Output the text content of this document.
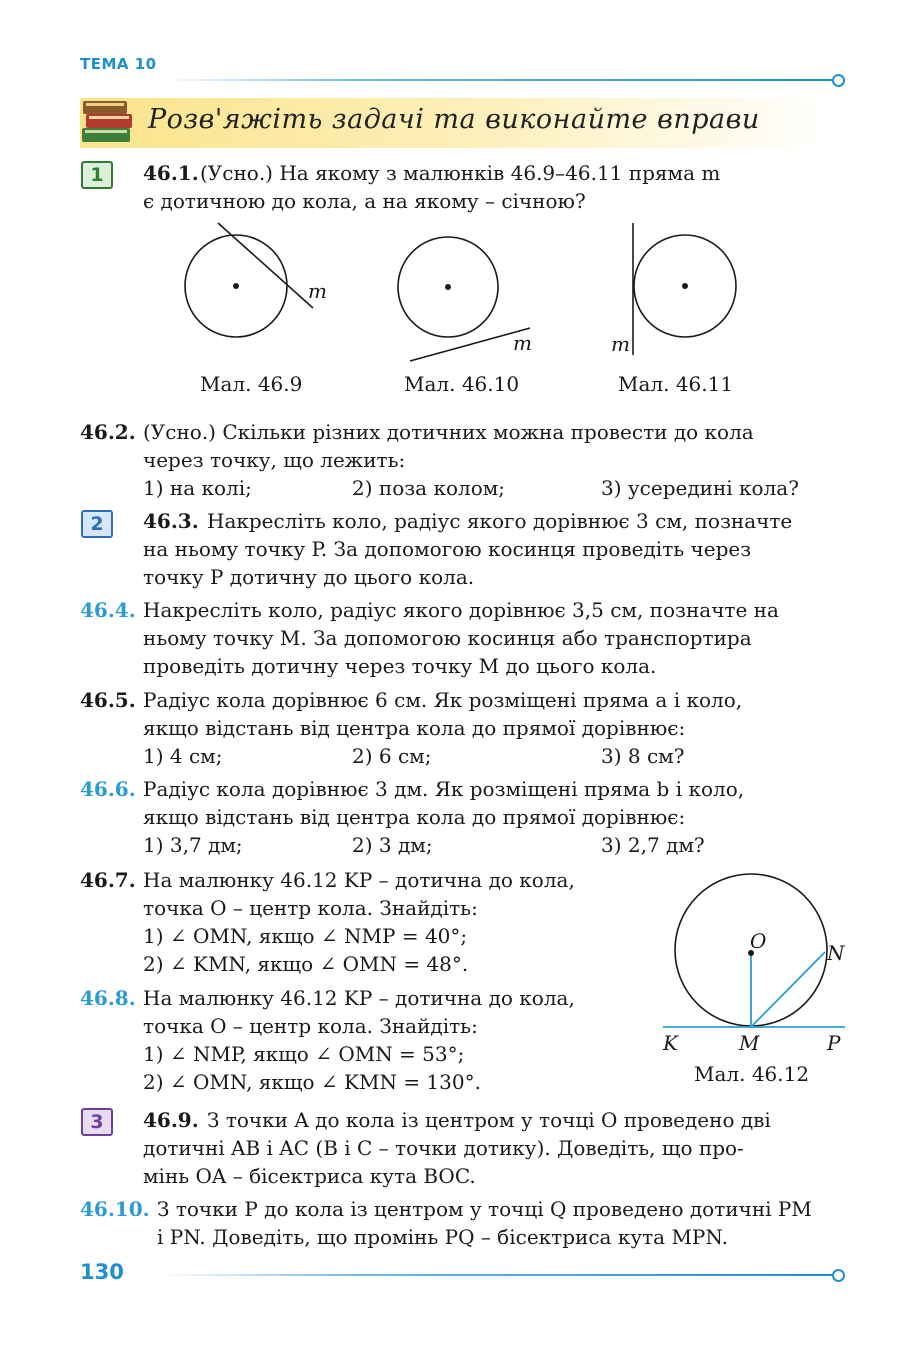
ТЕМА 10
Розв'яжіть задачі та виконайте вправи
1
2
3
46.1. (Усно.) На якому з малюнків 46.9–46.11 пряма m
є дотичною до кола, а на якому – січною?
m
m	m
Мал. 46.9	Мал. 46.10	Мал. 46.11
46.2. (Усно.) Скільки різних дотичних можна провести до кола
через точку, що лежить:
1) на колі;	2) поза колом;	3) усередині кола?
46.3. Накресліть коло, радіус якого дорівнює 3 см, позначте
на ньому точку P. За допомогою косинця проведіть через
точку P дотичну до цього кола.
46.4. Накресліть коло, радіус якого дорівнює 3,5 см, позначте на
ньому точку M. За допомогою косинця або транспортира
проведіть дотичну через точку M до цього кола.
46.5. Радіус кола дорівнює 6 см. Як розміщені пряма a і коло,
якщо відстань від центра кола до прямої дорівнює:
1) 4 см;	2) 6 см;	3) 8 см?
46.6. Радіус кола дорівнює 3 дм. Як розміщені пряма b і коло,
якщо відстань від центра кола до прямої дорівнює:
1) 3,7 дм;	2) 3 дм;	3) 2,7 дм?
46.7. На малюнку 46.12 KP – дотична до кола,
точка O – центр кола. Знайдіть:
1) ∠ OMN, якщо ∠ NMP = 40°;
2) ∠ KMN, якщо ∠ OMN = 48°.
46.8. На малюнку 46.12 KP – дотична до кола,
точка O – центр кола. Знайдіть:
1) ∠ NMP, якщо ∠ OMN = 53°;
2) ∠ OMN, якщо ∠ KMN = 130°.
O	N
K	M	P
Мал. 46.12
46.9. З точки A до кола із центром у точці O проведено дві
дотичні AB і AC (B і C – точки дотику). Доведіть, що про-
мінь OA – бісектриса кута BOC.
46.10. З точки P до кола із центром у точці Q проведено дотичні PM
і PN. Доведіть, що промінь PQ – бісектриса кута MPN.
130
